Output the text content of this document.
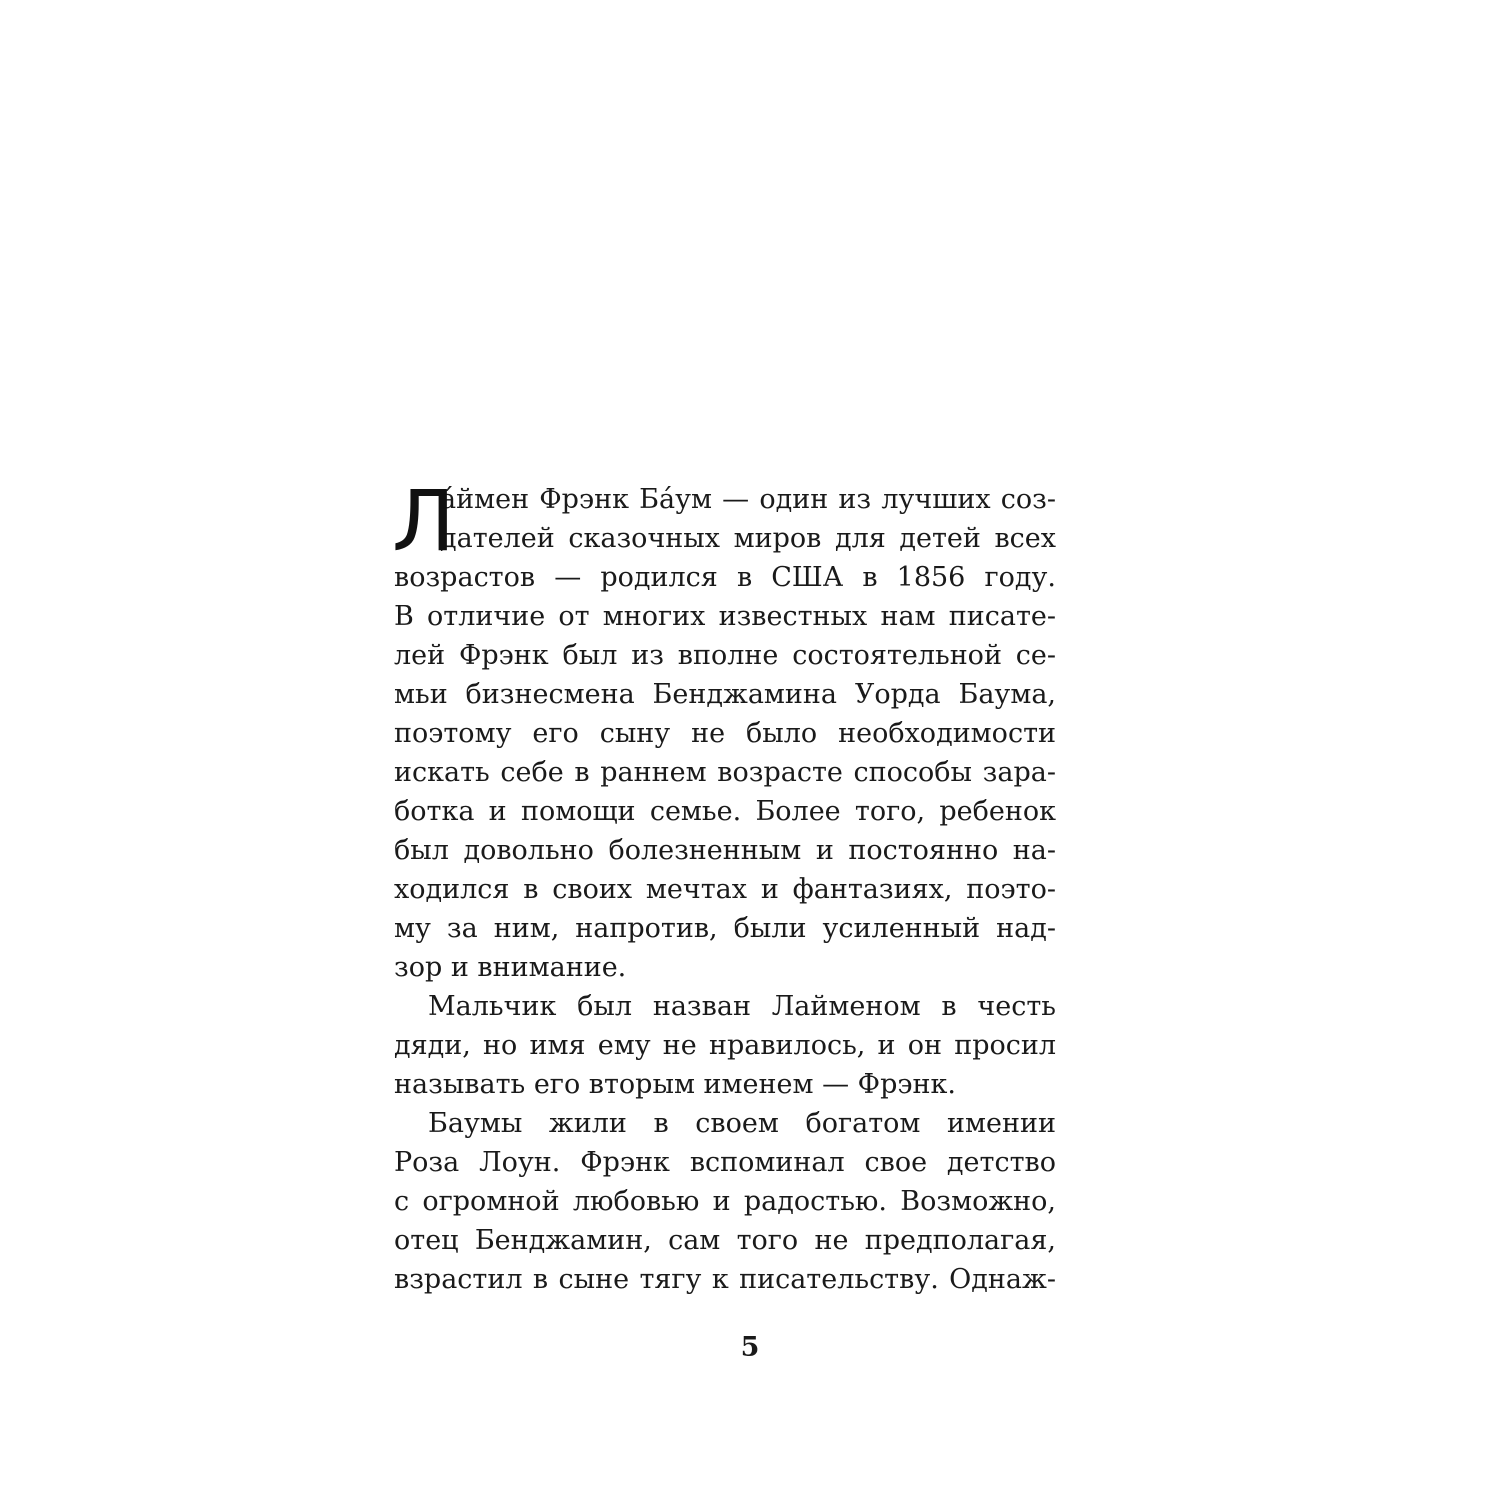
Л
а́ймен Фрэнк Ба́ум — один из лучших соз-
дателей сказочных миров для детей всех
возрастов — родился в США в 1856 году.
В отличие от многих известных нам писате-
лей Фрэнк был из вполне состоятельной се-
мьи бизнесмена Бенджамина Уорда Баума,
поэтому его сыну не было необходимости
искать себе в раннем возрасте способы зара-
ботка и помощи семье. Более того, ребенок
был довольно болезненным и постоянно на-
ходился в своих мечтах и фантазиях, поэто-
му за ним, напротив, были усиленный над-
зор и внимание.
Мальчик был назван Лайменом в честь
дяди, но имя ему не нравилось, и он просил
называть его вторым именем — Фрэнк.
Баумы жили в своем богатом имении
Роза Лоун. Фрэнк вспоминал свое детство
с огромной любовью и радостью. Возможно,
отец Бенджамин, сам того не предполагая,
взрастил в сыне тягу к писательству. Однаж-
5
